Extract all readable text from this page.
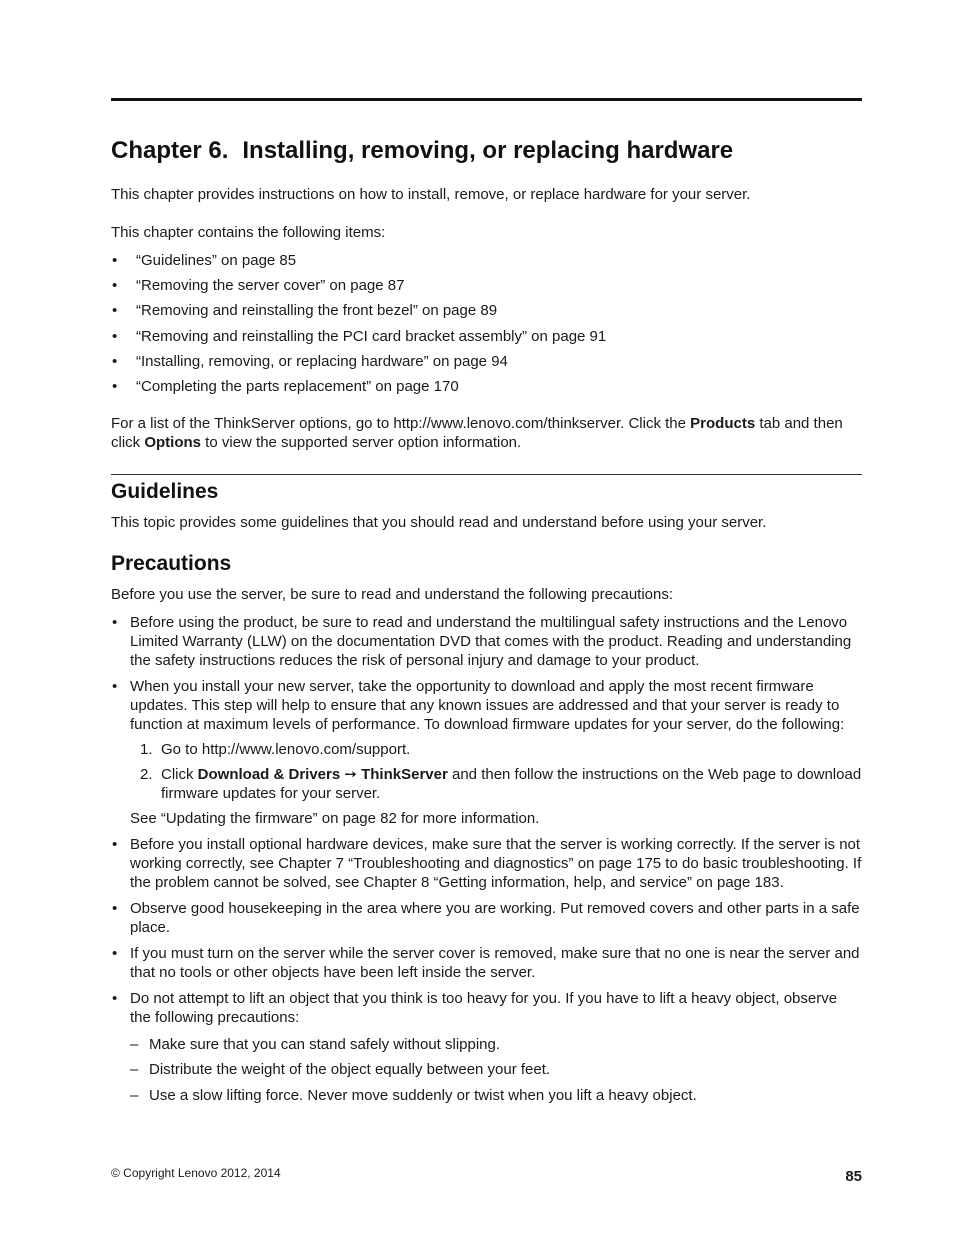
Chapter 6. Installing, removing, or replacing hardware

This chapter provides instructions on how to install, remove, or replace hardware for your server.

This chapter contains the following items:

• “Guidelines” on page 85
• “Removing the server cover” on page 87
• “Removing and reinstalling the front bezel” on page 89
• “Removing and reinstalling the PCI card bracket assembly” on page 91
• “Installing, removing, or replacing hardware” on page 94
• “Completing the parts replacement” on page 170

For a list of the ThinkServer options, go to http://www.lenovo.com/thinkserver. Click the Products tab and then click Options to view the supported server option information.

Guidelines

This topic provides some guidelines that you should read and understand before using your server.

Precautions

Before you use the server, be sure to read and understand the following precautions:

• Before using the product, be sure to read and understand the multilingual safety instructions and the Lenovo Limited Warranty (LLW) on the documentation DVD that comes with the product. Reading and understanding the safety instructions reduces the risk of personal injury and damage to your product.
• When you install your new server, take the opportunity to download and apply the most recent firmware updates. This step will help to ensure that any known issues are addressed and that your server is ready to function at maximum levels of performance. To download firmware updates for your server, do the following:
1. Go to http://www.lenovo.com/support.
2. Click Download & Drivers ➙ ThinkServer and then follow the instructions on the Web page to download firmware updates for your server.
See “Updating the firmware” on page 82 for more information.
• Before you install optional hardware devices, make sure that the server is working correctly. If the server is not working correctly, see Chapter 7 “Troubleshooting and diagnostics” on page 175 to do basic troubleshooting. If the problem cannot be solved, see Chapter 8 “Getting information, help, and service” on page 183.
• Observe good housekeeping in the area where you are working. Put removed covers and other parts in a safe place.
• If you must turn on the server while the server cover is removed, make sure that no one is near the server and that no tools or other objects have been left inside the server.
• Do not attempt to lift an object that you think is too heavy for you. If you have to lift a heavy object, observe the following precautions:
– Make sure that you can stand safely without slipping.
– Distribute the weight of the object equally between your feet.
– Use a slow lifting force. Never move suddenly or twist when you lift a heavy object.
© Copyright Lenovo 2012, 2014	85
